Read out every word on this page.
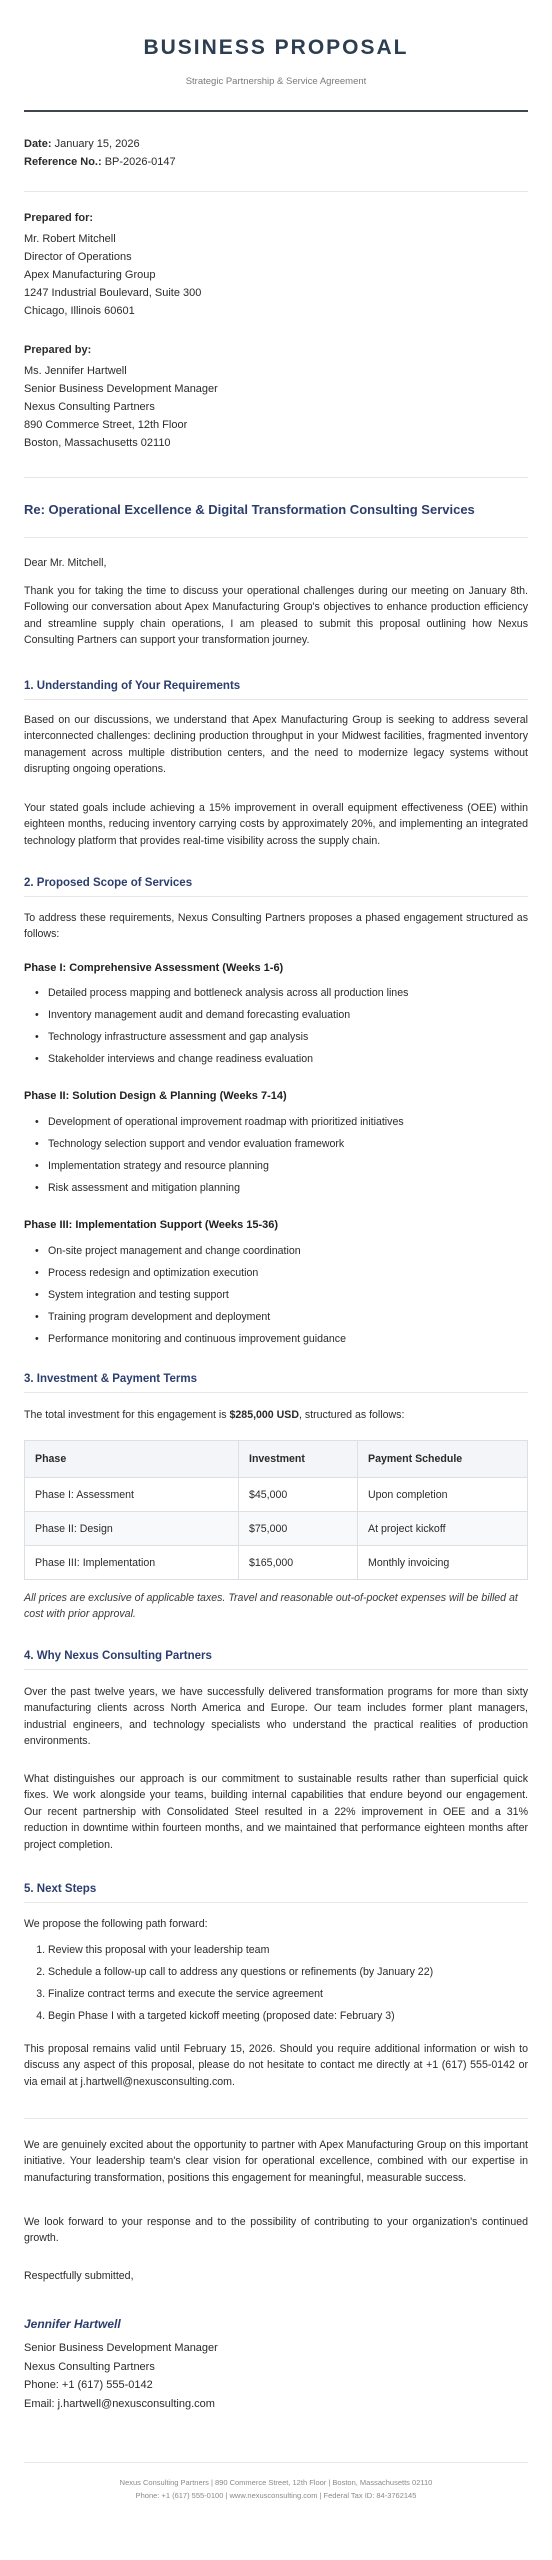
BUSINESS PROPOSAL

Strategic Partnership & Service Agreement

Date: January 15, 2026
Reference No.: BP-2026-0147
Prepared for:
Mr. Robert Mitchell
Director of Operations
Apex Manufacturing Group
1247 Industrial Boulevard, Suite 300
Chicago, Illinois 60601
Prepared by:
Ms. Jennifer Hartwell
Senior Business Development Manager
Nexus Consulting Partners
890 Commerce Street, 12th Floor
Boston, Massachusetts 02110
Re: Operational Excellence & Digital Transformation Consulting Services
Dear Mr. Mitchell,
Thank you for taking the time to discuss your operational challenges during our meeting on January 8th. Following our conversation about Apex Manufacturing Group's objectives to enhance production efficiency and streamline supply chain operations, I am pleased to submit this proposal outlining how Nexus Consulting Partners can support your transformation journey.
1. Understanding of Your Requirements
Based on our discussions, we understand that Apex Manufacturing Group is seeking to address several interconnected challenges: declining production throughput in your Midwest facilities, fragmented inventory management across multiple distribution centers, and the need to modernize legacy systems without disrupting ongoing operations.
Your stated goals include achieving a 15% improvement in overall equipment effectiveness (OEE) within eighteen months, reducing inventory carrying costs by approximately 20%, and implementing an integrated technology platform that provides real-time visibility across the supply chain.
2. Proposed Scope of Services
To address these requirements, Nexus Consulting Partners proposes a phased engagement structured as follows:
Phase I: Comprehensive Assessment (Weeks 1-6)
• Detailed process mapping and bottleneck analysis across all production lines
• Inventory management audit and demand forecasting evaluation
• Technology infrastructure assessment and gap analysis
• Stakeholder interviews and change readiness evaluation
Phase II: Solution Design & Planning (Weeks 7-14)
• Development of operational improvement roadmap with prioritized initiatives
• Technology selection support and vendor evaluation framework
• Implementation strategy and resource planning
• Risk assessment and mitigation planning
Phase III: Implementation Support (Weeks 15-36)
• On-site project management and change coordination
• Process redesign and optimization execution
• System integration and testing support
• Training program development and deployment
• Performance monitoring and continuous improvement guidance
3. Investment & Payment Terms
The total investment for this engagement is $285,000 USD, structured as follows:
Phase	Investment	Payment Schedule
Phase I: Assessment	$45,000	Upon completion
Phase II: Design	$75,000	At project kickoff
Phase III: Implementation	$165,000	Monthly invoicing
All prices are exclusive of applicable taxes. Travel and reasonable out-of-pocket expenses will be billed at cost with prior approval.
4. Why Nexus Consulting Partners
Over the past twelve years, we have successfully delivered transformation programs for more than sixty manufacturing clients across North America and Europe. Our team includes former plant managers, industrial engineers, and technology specialists who understand the practical realities of production environments.
What distinguishes our approach is our commitment to sustainable results rather than superficial quick fixes. We work alongside your teams, building internal capabilities that endure beyond our engagement. Our recent partnership with Consolidated Steel resulted in a 22% improvement in OEE and a 31% reduction in downtime within fourteen months, and we maintained that performance eighteen months after project completion.
5. Next Steps
We propose the following path forward:
1. Review this proposal with your leadership team
2. Schedule a follow-up call to address any questions or refinements (by January 22)
3. Finalize contract terms and execute the service agreement
4. Begin Phase I with a targeted kickoff meeting (proposed date: February 3)
This proposal remains valid until February 15, 2026. Should you require additional information or wish to discuss any aspect of this proposal, please do not hesitate to contact me directly at +1 (617) 555-0142 or via email at j.hartwell@nexusconsulting.com.
We are genuinely excited about the opportunity to partner with Apex Manufacturing Group on this important initiative. Your leadership team's clear vision for operational excellence, combined with our expertise in manufacturing transformation, positions this engagement for meaningful, measurable success.
We look forward to your response and to the possibility of contributing to your organization's continued growth.
Respectfully submitted,
Jennifer Hartwell
Senior Business Development Manager
Nexus Consulting Partners
Phone: +1 (617) 555-0142
Email: j.hartwell@nexusconsulting.com
Nexus Consulting Partners | 890 Commerce Street, 12th Floor | Boston, Massachusetts 02110
Phone: +1 (617) 555-0100 | www.nexusconsulting.com | Federal Tax ID: 84-3762145
